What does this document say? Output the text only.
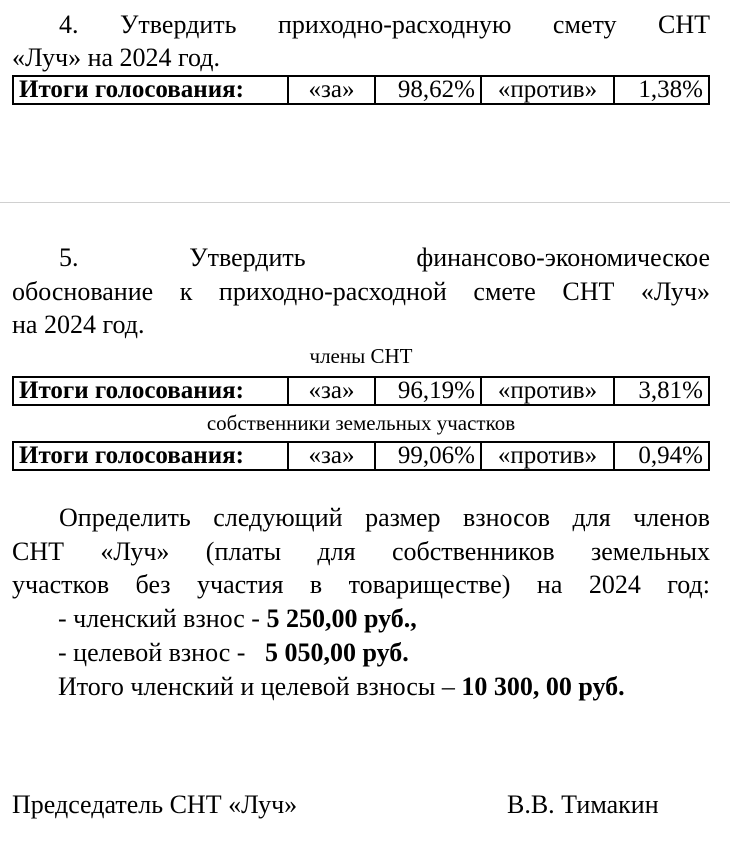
4. Утвердить приходно-расходную смету СНТ
«Луч» на 2024 год.
Итоги голосования:	«за»	98,62%	«против»	1,38%
5. Утвердить финансово-экономическое
обоснование к приходно-расходной смете СНТ «Луч»
на 2024 год.
члены СНТ
Итоги голосования:	«за»	96,19%	«против»	3,81%
собственники земельных участков
Итоги голосования:	«за»	99,06%	«против»	0,94%
Определить следующий размер взносов для членов
СНТ «Луч» (платы для собственников земельных
участков без участия в товариществе) на 2024 год:
- членский взнос - 5 250,00 руб.,
- целевой взнос -   5 050,00 руб.
Итого членский и целевой взносы – 10 300, 00 руб.
Председатель СНТ «Луч»	В.В. Тимакин
